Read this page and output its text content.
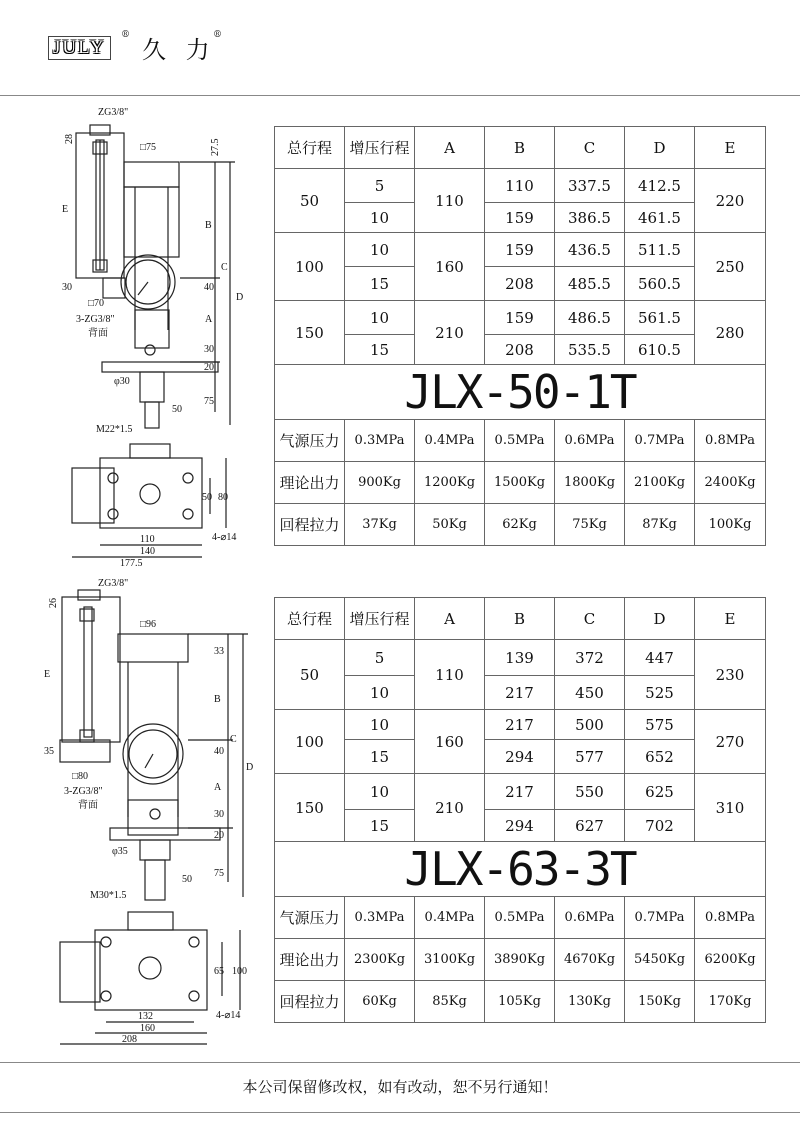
JULY
®
久 力
®
ZG3/8"
28
□75	27.5
E
B
C
D
A
30	40
30
20
□70
3-ZG3/8"
背面
φ30
75
50
M22*1.5
110
140
177.5
50 80
4-⌀14
总行程	增压行程	A	B	C	D	E
50	5	110	110	337.5	412.5	220
	10		159	386.5	461.5	
100	10	160	159	436.5	511.5	250
	15		208	485.5	560.5	
150	10	210	159	486.5	561.5	280
	15		208	535.5	610.5	
JLX-50-1T						
气源压力	0.3MPa	0.4MPa	0.5MPa	0.6MPa	0.7MPa	0.8MPa
理论出力	900Kg	1200Kg	1500Kg	1800Kg	2100Kg	2400Kg
回程拉力	37Kg	50Kg	62Kg	75Kg	87Kg	100Kg
ZG3/8"
26
□96
33
E
B
C
D
A
35	40
30
20
□80
3-ZG3/8"
背面
φ35
75
50
M30*1.5
132
160
208
65 100
4-⌀14
总行程	增压行程	A	B	C	D	E
50	5	110	139	372	447	230
	10		217	450	525	
100	10	160	217	500	575	270
	15		294	577	652	
150	10	210	217	550	625	310
	15		294	627	702	
JLX-63-3T						
气源压力	0.3MPa	0.4MPa	0.5MPa	0.6MPa	0.7MPa	0.8MPa
理论出力	2300Kg	3100Kg	3890Kg	4670Kg	5450Kg	6200Kg
回程拉力	60Kg	85Kg	105Kg	130Kg	150Kg	170Kg
本公司保留修改权，如有改动，恕不另行通知！
